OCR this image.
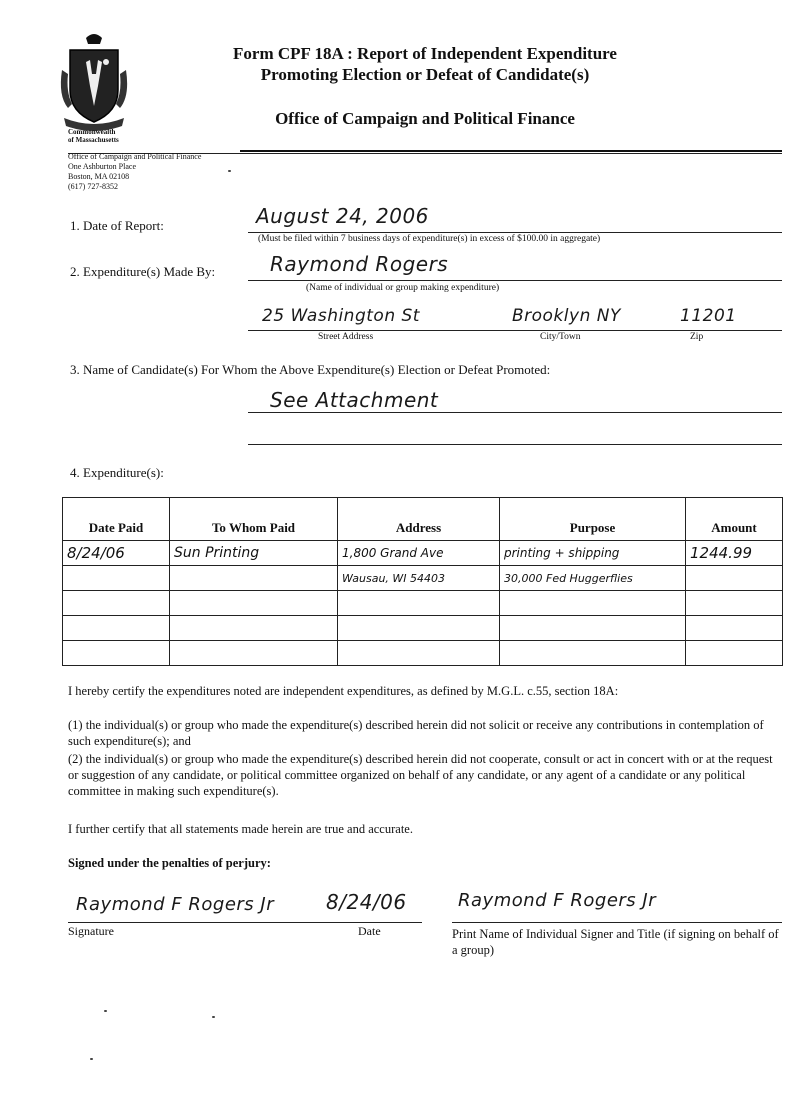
Commonwealth
of Massachusetts
Form CPF 18A : Report of Independent Expenditure
Promoting Election or Defeat of Candidate(s)
Office of Campaign and Political Finance
Office of Campaign and Political Finance
One Ashburton Place
Boston, MA 02108
(617) 727-8352
1. Date of Report:	August 24, 2006
(Must be filed within 7 business days of expenditure(s) in excess of $100.00 in aggregate)
2. Expenditure(s) Made By:	Raymond Rogers
(Name of individual or group making expenditure)
25 Washington St	Brooklyn NY	11201
Street Address	City/Town	Zip
3. Name of Candidate(s) For Whom the Above Expenditure(s) Election or Defeat Promoted:
See Attachment
4. Expenditure(s):
Date Paid	To Whom Paid	Address	Purpose	Amount
8/24/06	Sun Printing	1,800 Grand Ave	printing + shipping	1244.99
		Wausau, WI 54403	30,000 Fed Huggerflies	

I hereby certify the expenditures noted are independent expenditures, as defined by M.G.L. c.55, section 18A:
(1) the individual(s) or group who made the expenditure(s) described herein did not solicit or receive any contributions in contemplation of such expenditure(s); and
(2) the individual(s) or group who made the expenditure(s) described herein did not cooperate, consult or act in concert with or at the request or suggestion of any candidate, or political committee organized on behalf of any candidate, or any agent of a candidate or any political committee in making such expenditure(s).
I further certify that all statements made herein are true and accurate.
Signed under the penalties of perjury:
Raymond F Rogers Jr	8/24/06
Signature	Date
Raymond F Rogers Jr
Print Name of Individual Signer and Title (if signing on behalf of a group)
